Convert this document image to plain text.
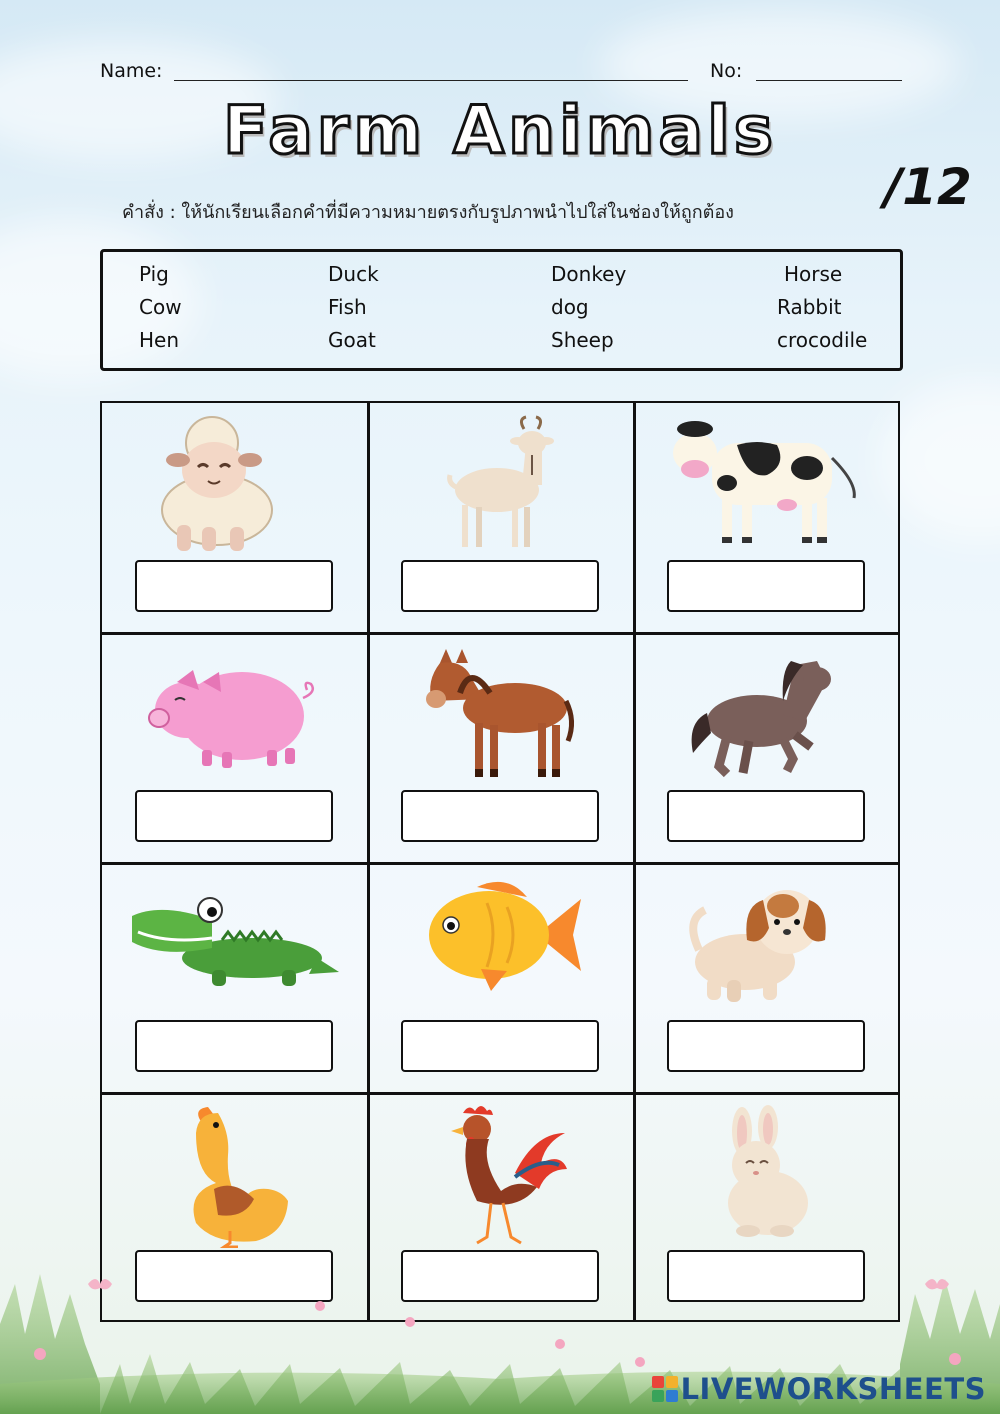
Name:	No:
Farm Animals
/12
คำสั่ง : ให้นักเรียนเลือกคำที่มีความหมายตรงกับรูปภาพนำไปใส่ในช่องให้ถูกต้อง
Pig	Duck	Donkey	Horse
Cow	Fish	dog	Rabbit
Hen	Goat	Sheep	crocodile
LIVEWORKSHEETS
